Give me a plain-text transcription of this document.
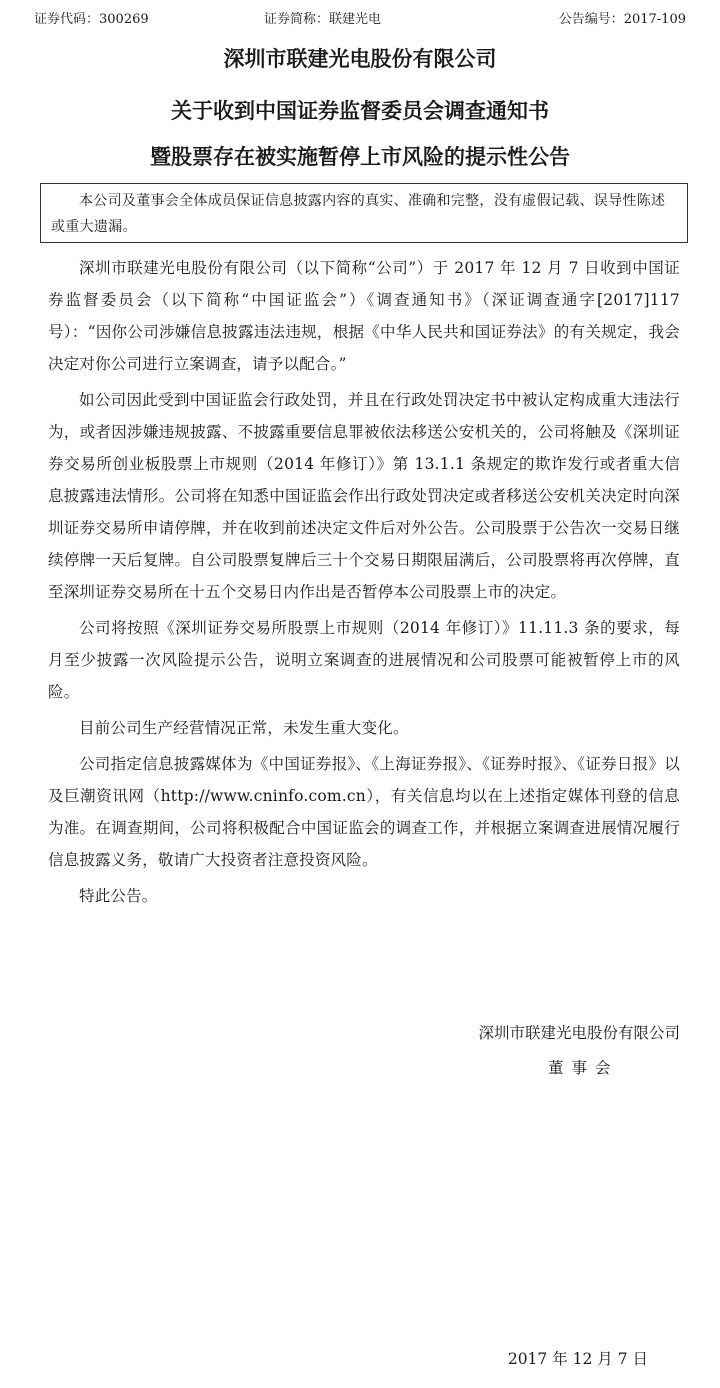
证券代码：300269	证券简称：联建光电	公告编号：2017-109
深圳市联建光电股份有限公司
关于收到中国证券监督委员会调查通知书
暨股票存在被实施暂停上市风险的提示性公告
本公司及董事会全体成员保证信息披露内容的真实、准确和完整，没有虚假记载、误导性陈述或重大遗漏。

深圳市联建光电股份有限公司（以下简称“公司”）于 2017 年 12 月 7 日收到中国证券监督委员会（以下简称“中国证监会”）《调查通知书》（深证调查通字[2017]117 号）：“因你公司涉嫌信息披露违法违规，根据《中华人民共和国证券法》的有关规定，我会决定对你公司进行立案调查，请予以配合。”

如公司因此受到中国证监会行政处罚，并且在行政处罚决定书中被认定构成重大违法行为，或者因涉嫌违规披露、不披露重要信息罪被依法移送公安机关的，公司将触及《深圳证券交易所创业板股票上市规则（2014 年修订）》第 13.1.1 条规定的欺诈发行或者重大信息披露违法情形。公司将在知悉中国证监会作出行政处罚决定或者移送公安机关决定时向深圳证券交易所申请停牌，并在收到前述决定文件后对外公告。公司股票于公告次一交易日继续停牌一天后复牌。自公司股票复牌后三十个交易日期限届满后，公司股票将再次停牌，直至深圳证券交易所在十五个交易日内作出是否暂停本公司股票上市的决定。

公司将按照《深圳证券交易所股票上市规则（2014 年修订）》11.11.3 条的要求，每月至少披露一次风险提示公告，说明立案调查的进展情况和公司股票可能被暂停上市的风险。

目前公司生产经营情况正常，未发生重大变化。

公司指定信息披露媒体为《中国证券报》、《上海证券报》、《证券时报》、《证券日报》以及巨潮资讯网（http://www.cninfo.com.cn），有关信息均以在上述指定媒体刊登的信息为准。在调查期间，公司将积极配合中国证监会的调查工作，并根据立案调查进展情况履行信息披露义务，敬请广大投资者注意投资风险。

特此公告。

深圳市联建光电股份有限公司
董事会
2017 年 12 月 7 日
